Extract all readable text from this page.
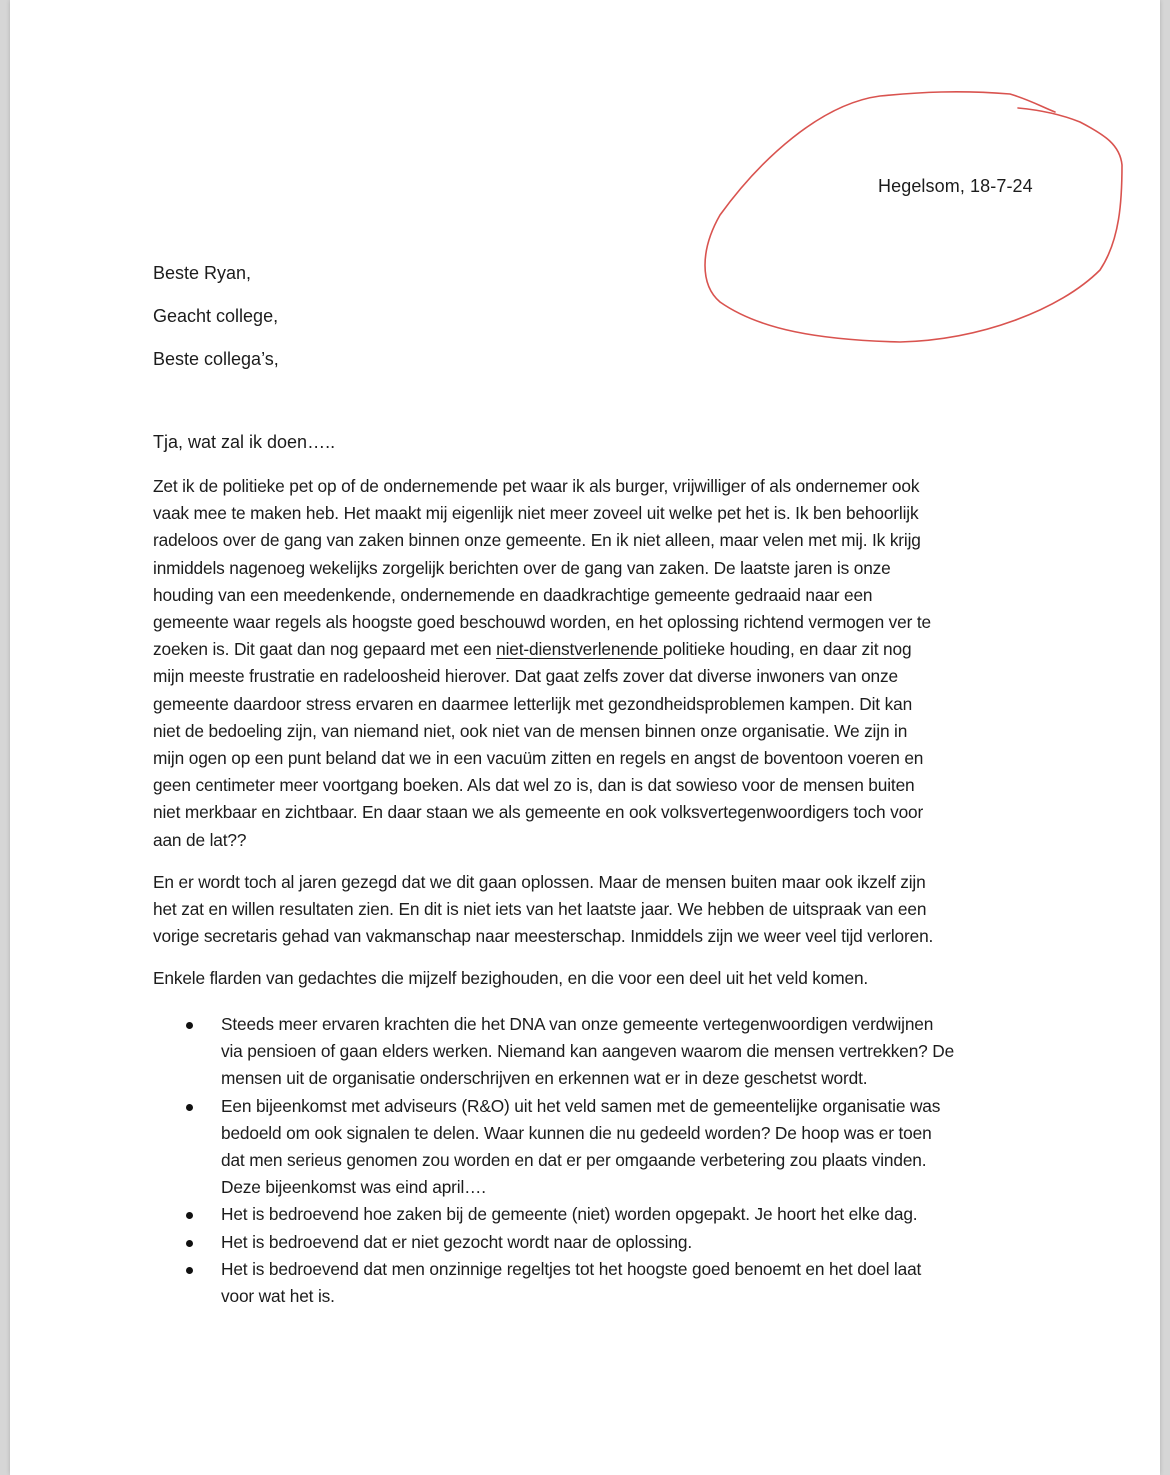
Hegelsom, 18-7-24
Beste Ryan,
Geacht college,
Beste collega’s,
Tja, wat zal ik doen…..

Zet ik de politieke pet op of de ondernemende pet waar ik als burger, vrijwilliger of als ondernemer ook
vaak mee te maken heb. Het maakt mij eigenlijk niet meer zoveel uit welke pet het is. Ik ben behoorlijk
radeloos over de gang van zaken binnen onze gemeente. En ik niet alleen, maar velen met mij. Ik krijg
inmiddels nagenoeg wekelijks zorgelijk berichten over de gang van zaken. De laatste jaren is onze
houding van een meedenkende, ondernemende en daadkrachtige gemeente gedraaid naar een
gemeente waar regels als hoogste goed beschouwd worden, en het oplossing richtend vermogen ver te
zoeken is. Dit gaat dan nog gepaard met een niet-dienstverlenende politieke houding, en daar zit nog
mijn meeste frustratie en radeloosheid hierover. Dat gaat zelfs zover dat diverse inwoners van onze
gemeente daardoor stress ervaren en daarmee letterlijk met gezondheidsproblemen kampen. Dit kan
niet de bedoeling zijn, van niemand niet, ook niet van de mensen binnen onze organisatie. We zijn in
mijn ogen op een punt beland dat we in een vacuüm zitten en regels en angst de boventoon voeren en
geen centimeter meer voortgang boeken. Als dat wel zo is, dan is dat sowieso voor de mensen buiten
niet merkbaar en zichtbaar. En daar staan we als gemeente en ook volksvertegenwoordigers toch voor
aan de lat??

En er wordt toch al jaren gezegd dat we dit gaan oplossen. Maar de mensen buiten maar ook ikzelf zijn
het zat en willen resultaten zien. En dit is niet iets van het laatste jaar. We hebben de uitspraak van een
vorige secretaris gehad van vakmanschap naar meesterschap. Inmiddels zijn we weer veel tijd verloren.

Enkele flarden van gedachtes die mijzelf bezighouden, en die voor een deel uit het veld komen.

Steeds meer ervaren krachten die het DNA van onze gemeente vertegenwoordigen verdwijnen
via pensioen of gaan elders werken. Niemand kan aangeven waarom die mensen vertrekken? De
mensen uit de organisatie onderschrijven en erkennen wat er in deze geschetst wordt.
Een bijeenkomst met adviseurs (R&O) uit het veld samen met de gemeentelijke organisatie was
bedoeld om ook signalen te delen. Waar kunnen die nu gedeeld worden? De hoop was er toen
dat men serieus genomen zou worden en dat er per omgaande verbetering zou plaats vinden.
Deze bijeenkomst was eind april….
Het is bedroevend hoe zaken bij de gemeente (niet) worden opgepakt. Je hoort het elke dag.
Het is bedroevend dat er niet gezocht wordt naar de oplossing.
Het is bedroevend dat men onzinnige regeltjes tot het hoogste goed benoemt en het doel laat
voor wat het is.
